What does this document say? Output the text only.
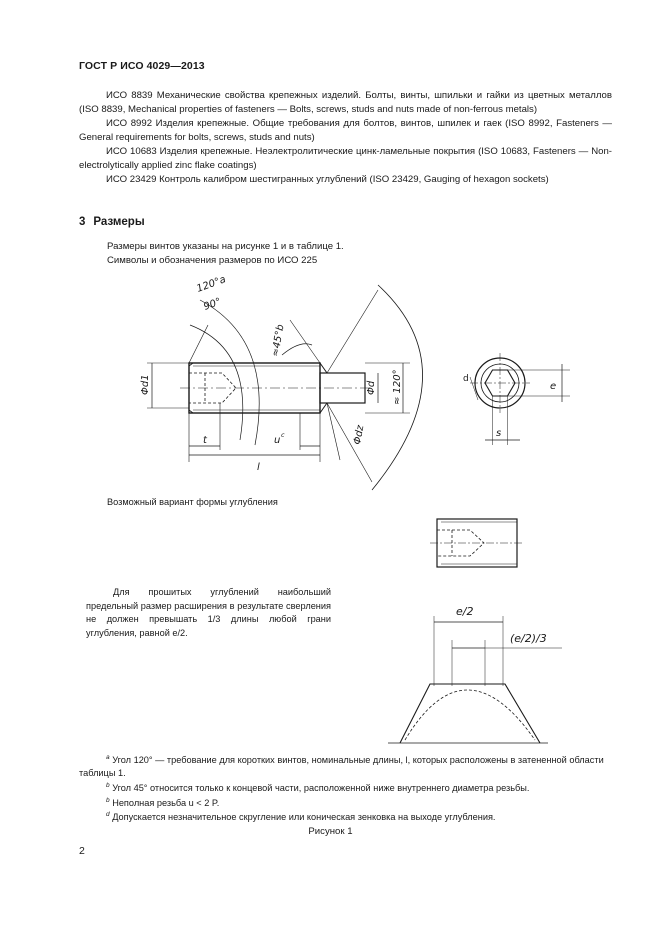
ГОСТ Р ИСО 4029—2013

ИСО 8839 Механические свойства крепежных изделий. Болты, винты, шпильки и гайки из цветных металлов (ISO 8839, Mechanical properties of fasteners — Bolts, screws, studs and nuts made of non-ferrous metals)

ИСО 8992 Изделия крепежные. Общие требования для болтов, винтов, шпилек и гаек (ISO 8992, Fasteners — General requirements for bolts, screws, studs and nuts)

ИСО 10683 Изделия крепежные. Неэлектролитические цинк-ламельные покрытия (ISO 10683, Fasteners — Non-electrolytically applied zinc flake coatings)

ИСО 23429 Контроль калибром шестигранных углублений (ISO 23429, Gauging of hexagon sockets)

3 Размеры

Размеры винтов указаны на рисунке 1 и в таблице 1.

Символы и обозначения размеров по ИСО 225

120°a
90°
≈45°b
≈ 120°
Φd1	Φd
Φdz
t	u c
l
e
s
d
e/2
(e/2)/3
Возможный вариант формы углубления
Для прошитых углублений наибольший предельный размер расширения в результате сверления не должен превышать 1/3 длины любой грани углубления, равной e/2.

$^a$ Угол 120° — требование для коротких винтов, номинальные длины, l, которых расположены в затененной области таблицы 1.

$^b$ Угол 45° относится только к концевой части, расположенной ниже внутреннего диаметра резьбы.

$^b$ Неполная резьба u < 2 P.

$^d$ Допускается незначительное скругление или коническая зенковка на выходе углубления.

Рисунок 1
2
